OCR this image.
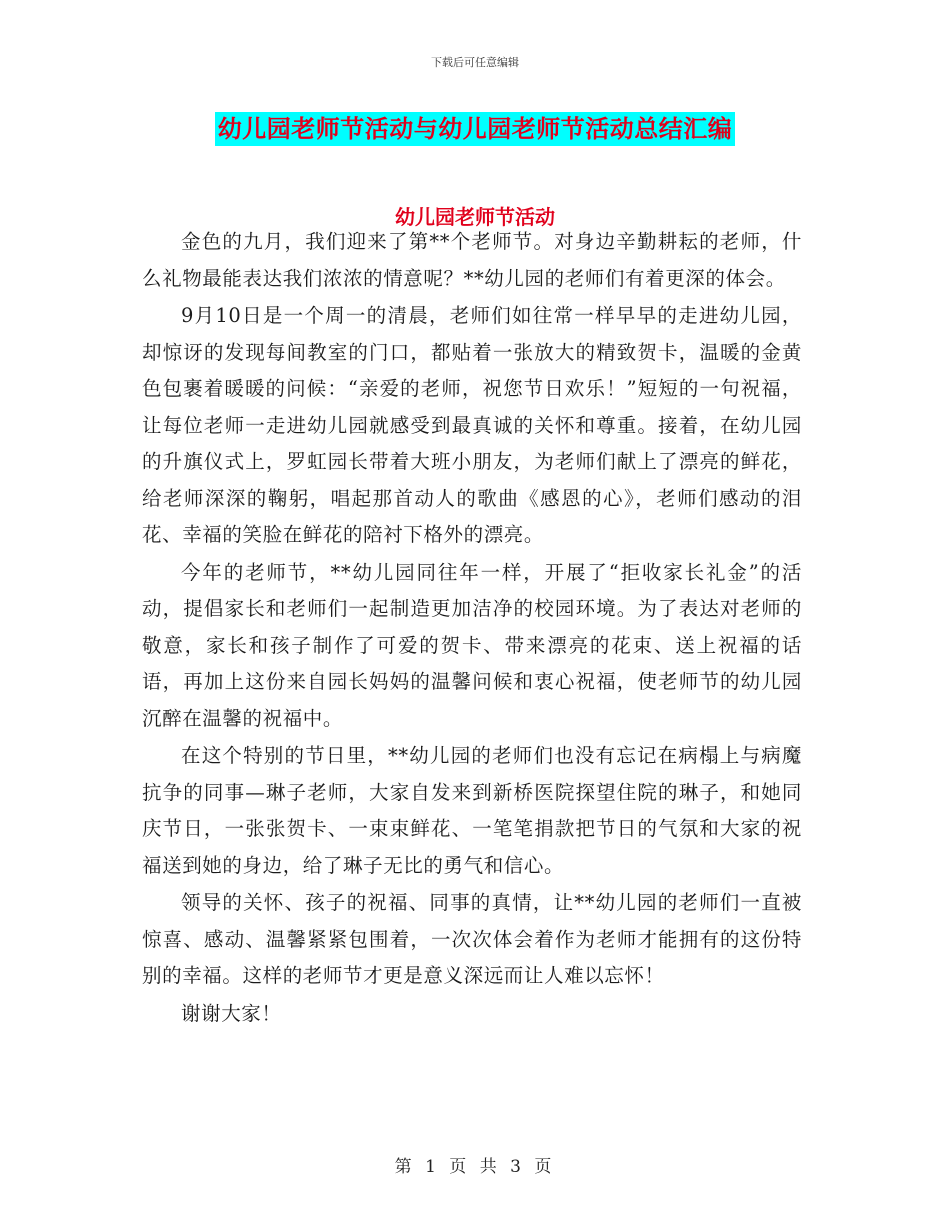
下载后可任意编辑
幼儿园老师节活动与幼儿园老师节活动总结汇编
幼儿园老师节活动

金色的九月，我们迎来了第**个老师节。对身边辛勤耕耘的老师，什么礼物最能表达我们浓浓的情意呢？**幼儿园的老师们有着更深的体会。

9月10日是一个周一的清晨，老师们如往常一样早早的走进幼儿园，却惊讶的发现每间教室的门口，都贴着一张放大的精致贺卡，温暖的金黄色包裹着暖暖的问候：“亲爱的老师，祝您节日欢乐！”短短的一句祝福，让每位老师一走进幼儿园就感受到最真诚的关怀和尊重。接着，在幼儿园的升旗仪式上，罗虹园长带着大班小朋友，为老师们献上了漂亮的鲜花，给老师深深的鞠躬，唱起那首动人的歌曲《感恩的心》，老师们感动的泪花、幸福的笑脸在鲜花的陪衬下格外的漂亮。

今年的老师节，**幼儿园同往年一样，开展了“拒收家长礼金”的活动，提倡家长和老师们一起制造更加洁净的校园环境。为了表达对老师的敬意，家长和孩子制作了可爱的贺卡、带来漂亮的花束、送上祝福的话语，再加上这份来自园长妈妈的温馨问候和衷心祝福，使老师节的幼儿园沉醉在温馨的祝福中。

在这个特别的节日里，**幼儿园的老师们也没有忘记在病榻上与病魔抗争的同事—琳子老师，大家自发来到新桥医院探望住院的琳子，和她同庆节日，一张张贺卡、一束束鲜花、一笔笔捐款把节日的气氛和大家的祝福送到她的身边，给了琳子无比的勇气和信心。

领导的关怀、孩子的祝福、同事的真情，让**幼儿园的老师们一直被惊喜、感动、温馨紧紧包围着，一次次体会着作为老师才能拥有的这份特别的幸福。这样的老师节才更是意义深远而让人难以忘怀！

谢谢大家！

第 1 页 共 3 页
